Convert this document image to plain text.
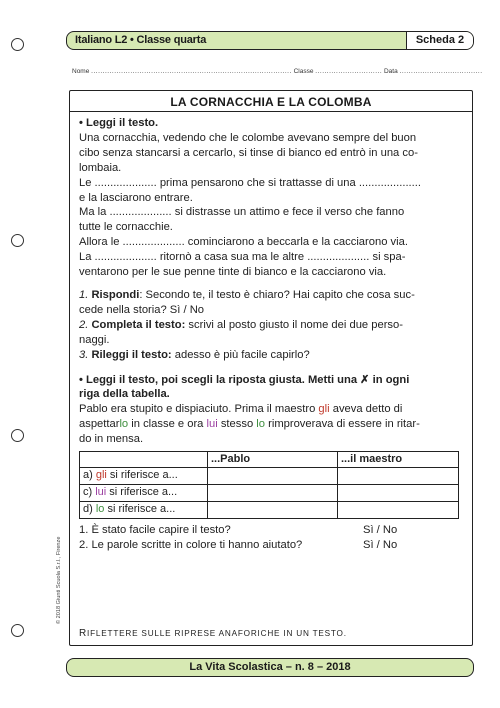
Italiano L2 • Classe quarta	Scheda 2
Nome ....................................................................................... Classe ............................. Data ....................................
LA CORNACCHIA E LA COLOMBA

• Leggi il testo.

Una cornacchia, vedendo che le colombe avevano sempre del buon

cibo senza stancarsi a cercarlo, si tinse di bianco ed entrò in una co-

lombaia.

Le .................... prima pensarono che si trattasse di una ....................

e la lasciarono entrare.

Ma la .................... si distrasse un attimo e fece il verso che fanno

tutte le cornacchie.

Allora le .................... cominciarono a beccarla e la cacciarono via.

La .................... ritornò a casa sua ma le altre .................... si spa-

ventarono per le sue penne tinte di bianco e la cacciarono via.

1. Rispondi: Secondo te, il testo è chiaro? Hai capito che cosa suc-

cede nella storia? Sì / No

2. Completa il testo: scrivi al posto giusto il nome dei due perso-

naggi.

3. Rileggi il testo: adesso è più facile capirlo?

• Leggi il testo, poi scegli la riposta giusta. Metti una ✗ in ogni

riga della tabella.

Pablo era stupito e dispiaciuto. Prima il maestro gli aveva detto di

aspettarlo in classe e ora lui stesso lo rimproverava di essere in ritar-

do in mensa.

	...Pablo	...il maestro
a) gli si riferisce a...		
c) lui si riferisce a...		
d) lo si riferisce a...		
1. È stato facile capire il testo?	Sì / No
2. Le parole scritte in colore ti hanno aiutato?	Sì / No
RIFLETTERE SULLE RIPRESE ANAFORICHE IN UN TESTO.
© 2018 Giunti Scuola S.r.l., Firenze
La Vita Scolastica – n. 8 – 2018
